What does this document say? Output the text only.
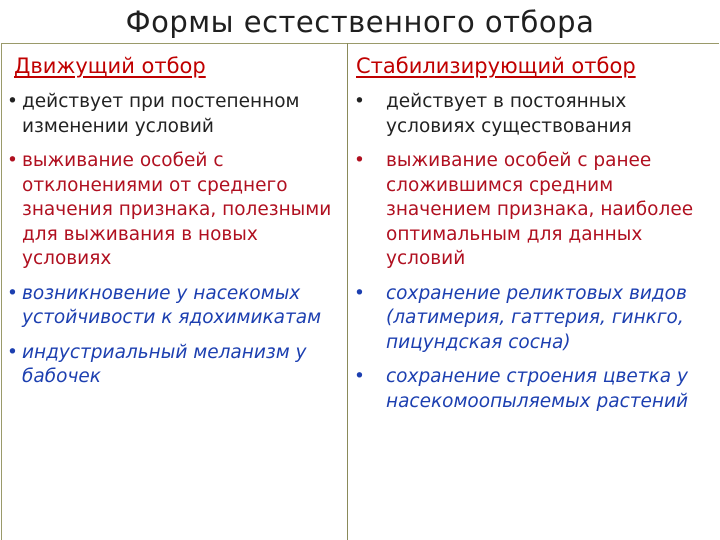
Формы естественного отбора
Движущий отбор	Стабилизирующий отбор
• действует при постепенном изменении условий
• выживание особей с отклонениями от среднего значения признака, полезными для выживания в новых условиях
• возникновение у насекомых устойчивости к ядохимикатам
• индустриальный меланизм у бабочек
• действует в постоянных условиях существования
• выживание особей с ранее сложившимся средним значением признака, наиболее оптимальным для данных условий
• сохранение реликтовых видов (латимерия, гаттерия, гинкго, пицундская сосна)
• сохранение строения цветка у насекомоопыляемых растений
